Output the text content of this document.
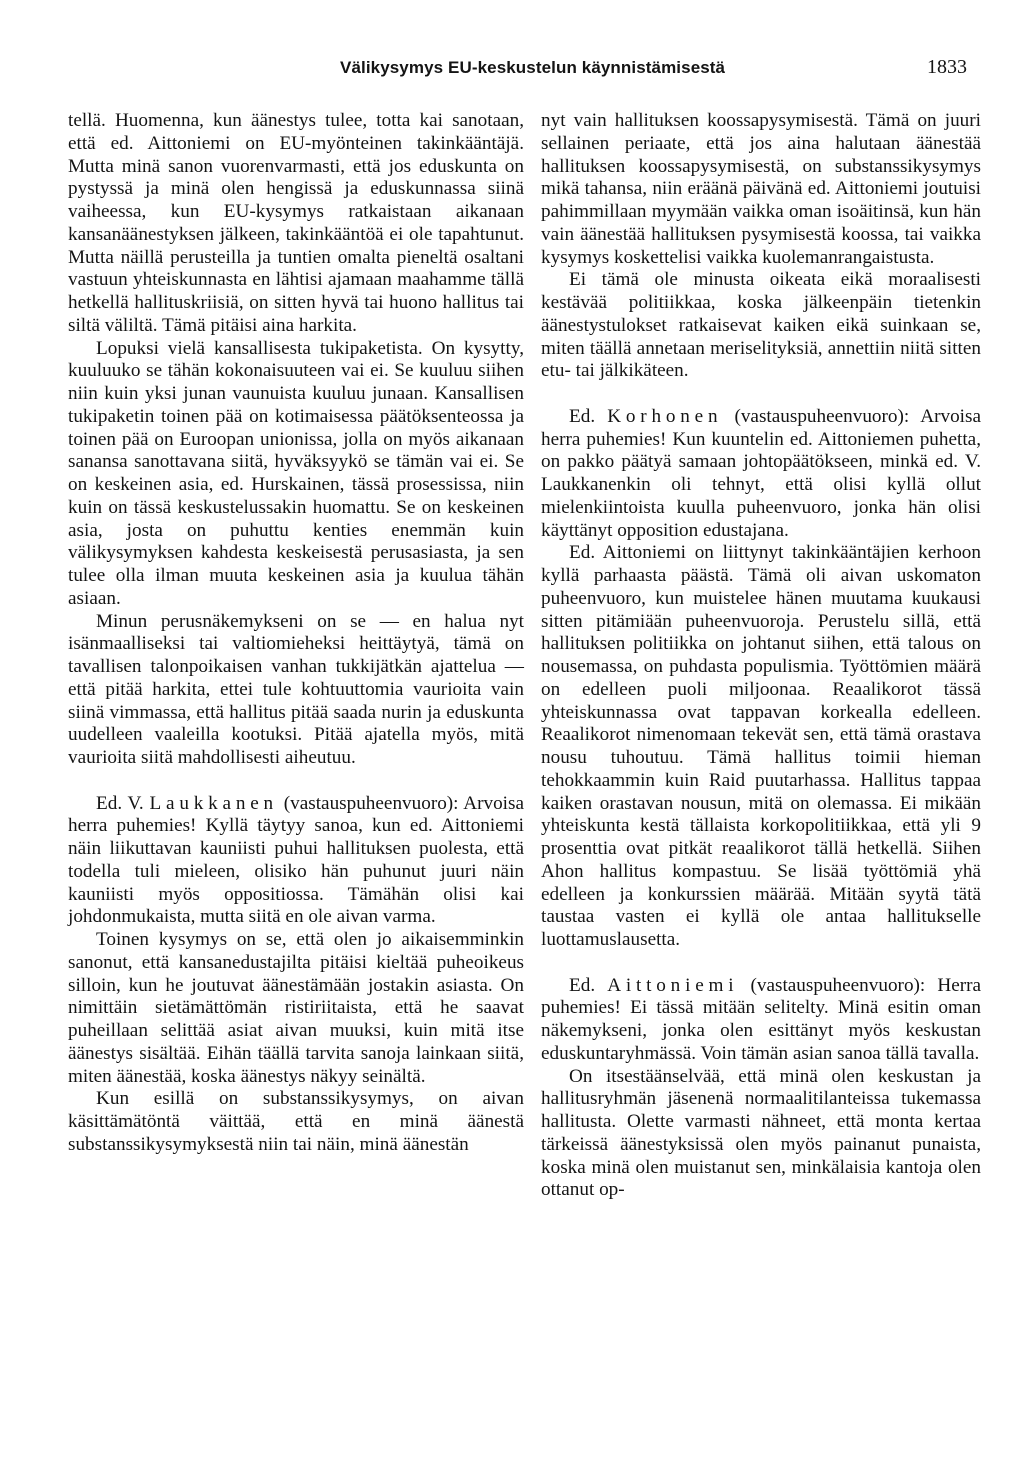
Välikysymys EU-keskustelun käynnistämisestä	1833

tellä. Huomenna, kun äänestys tulee, totta kai sanotaan, että ed. Aittoniemi on EU-myönteinen takinkääntäjä. Mutta minä sanon vuorenvarmasti, että jos eduskunta on pystyssä ja minä olen hengissä ja eduskunnassa siinä vaiheessa, kun EU-kysymys ratkaistaan aikanaan kansanäänestyksen jälkeen, takinkääntöä ei ole tapahtunut. Mutta näillä perusteilla ja tuntien omalta pieneltä osaltani vastuun yhteiskunnasta en lähtisi ajamaan maahamme tällä hetkellä hallituskriisiä, on sitten hyvä tai huono hallitus tai siltä väliltä. Tämä pitäisi aina harkita.

Lopuksi vielä kansallisesta tukipaketista. On kysytty, kuuluuko se tähän kokonaisuuteen vai ei. Se kuuluu siihen niin kuin yksi junan vaunuista kuuluu junaan. Kansallisen tukipaketin toinen pää on kotimaisessa päätöksenteossa ja toinen pää on Euroopan unionissa, jolla on myös aikanaan sanansa sanottavana siitä, hyväksyykö se tämän vai ei. Se on keskeinen asia, ed. Hurskainen, tässä prosessissa, niin kuin on tässä keskustelussakin huomattu. Se on keskeinen asia, josta on puhuttu kenties enemmän kuin välikysymyksen kahdesta keskeisestä perusasiasta, ja sen tulee olla ilman muuta keskeinen asia ja kuulua tähän asiaan.

Minun perusnäkemykseni on se — en halua nyt isänmaalliseksi tai valtiomieheksi heittäytyä, tämä on tavallisen talonpoikaisen vanhan tukkijätkän ajattelua — että pitää harkita, ettei tule kohtuuttomia vaurioita vain siinä vimmassa, että hallitus pitää saada nurin ja eduskunta uudelleen vaaleilla kootuksi. Pitää ajatella myös, mitä vaurioita siitä mahdollisesti aiheutuu.

Ed. V. Laukkanen (vastauspuheenvuoro): Arvoisa herra puhemies! Kyllä täytyy sanoa, kun ed. Aittoniemi näin liikuttavan kauniisti puhui hallituksen puolesta, että todella tuli mieleen, olisiko hän puhunut juuri näin kauniisti myös oppositiossa. Tämähän olisi kai johdonmukaista, mutta siitä en ole aivan varma.

Toinen kysymys on se, että olen jo aikaisemminkin sanonut, että kansanedustajilta pitäisi kieltää puheoikeus silloin, kun he joutuvat äänestämään jostakin asiasta. On nimittäin sietämättömän ristiriitaista, että he saavat puheillaan selittää asiat aivan muuksi, kuin mitä itse äänestys sisältää. Eihän täällä tarvita sanoja lainkaan siitä, miten äänestää, koska äänestys näkyy seinältä.

Kun esillä on substanssikysymys, on aivan käsittämätöntä väittää, että en minä äänestä substanssikysymyksestä niin tai näin, minä äänestän

nyt vain hallituksen koossapysymisestä. Tämä on juuri sellainen periaate, että jos aina halutaan äänestää hallituksen koossapysymisestä, on substanssikysymys mikä tahansa, niin eräänä päivänä ed. Aittoniemi joutuisi pahimmillaan myymään vaikka oman isoäitinsä, kun hän vain äänestää hallituksen pysymisestä koossa, tai vaikka kysymys koskettelisi vaikka kuolemanrangaistusta.

Ei tämä ole minusta oikeata eikä moraalisesti kestävää politiikkaa, koska jälkeenpäin tietenkin äänestystulokset ratkaisevat kaiken eikä suinkaan se, miten täällä annetaan meriselityksiä, annettiin niitä sitten etu- tai jälkikäteen.

Ed. Korhonen (vastauspuheenvuoro): Arvoisa herra puhemies! Kun kuuntelin ed. Aittoniemen puhetta, on pakko päätyä samaan johtopäätökseen, minkä ed. V. Laukkanenkin oli tehnyt, että olisi kyllä ollut mielenkiintoista kuulla puheenvuoro, jonka hän olisi käyttänyt opposition edustajana.

Ed. Aittoniemi on liittynyt takinkääntäjien kerhoon kyllä parhaasta päästä. Tämä oli aivan uskomaton puheenvuoro, kun muistelee hänen muutama kuukausi sitten pitämiään puheenvuoroja. Perustelu sillä, että hallituksen politiikka on johtanut siihen, että talous on nousemassa, on puhdasta populismia. Työttömien määrä on edelleen puoli miljoonaa. Reaalikorot tässä yhteiskunnassa ovat tappavan korkealla edelleen. Reaalikorot nimenomaan tekevät sen, että tämä orastava nousu tuhoutuu. Tämä hallitus toimii hieman tehokkaammin kuin Raid puutarhassa. Hallitus tappaa kaiken orastavan nousun, mitä on olemassa. Ei mikään yhteiskunta kestä tällaista korkopolitiikkaa, että yli 9 prosenttia ovat pitkät reaalikorot tällä hetkellä. Siihen Ahon hallitus kompastuu. Se lisää työttömiä yhä edelleen ja konkurssien määrää. Mitään syytä tätä taustaa vasten ei kyllä ole antaa hallitukselle luottamuslausetta.

Ed. Aittoniemi (vastauspuheenvuoro): Herra puhemies! Ei tässä mitään selitelty. Minä esitin oman näkemykseni, jonka olen esittänyt myös keskustan eduskuntaryhmässä. Voin tämän asian sanoa tällä tavalla.

On itsestäänselvää, että minä olen keskustan ja hallitusryhmän jäsenenä normaalitilanteissa tukemassa hallitusta. Olette varmasti nähneet, että monta kertaa tärkeissä äänestyksissä olen myös painanut punaista, koska minä olen muistanut sen, minkälaisia kantoja olen ottanut op-
